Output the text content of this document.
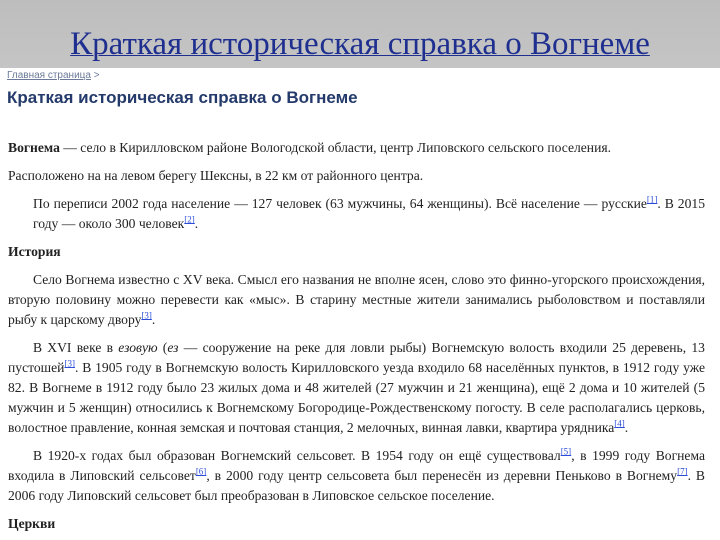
Краткая историческая справка о Вогнеме
Главная страница >
Краткая историческая справка о Вогнеме

Вогнема — село в Кирилловском районе Вологодской области, центр Липовского сельского поселения.

Расположено на на левом берегу Шексны, в 22 км от районного центра.

По переписи 2002 года население — 127 человек (63 мужчины, 64 женщины). Всё население — русские[1]. В 2015 году — около 300 человек[2].

История

Село Вогнема известно с XV века. Смысл его названия не вполне ясен, слово это финно-угорского происхождения, вторую половину можно перевести как «мыс». В старину местные жители занимались рыболовством и поставляли рыбу к царскому двору[3].

В XVI веке в езовую (ез — сооружение на реке для ловли рыбы) Вогнемскую волость входили 25 деревень, 13 пустошей[3]. В 1905 году в Вогнемскую волость Кирилловского уезда входило 68 населённых пунктов, в 1912 году уже 82. В Вогнеме в 1912 году было 23 жилых дома и 48 жителей (27 мужчин и 21 женщина), ещё 2 дома и 10 жителей (5 мужчин и 5 женщин) относились к Вогнемскому Богородице-Рождественскому погосту. В селе располагались церковь, волостное правление, конная земская и почтовая станция, 2 мелочных, винная лавки, квартира урядника[4].

В 1920-х годах был образован Вогнемский сельсовет. В 1954 году он ещё существовал[5], в 1999 году Вогнема входила в Липовский сельсовет[6], в 2000 году центр сельсовета был перенесён из деревни Пеньково в Вогнему[7]. В 2006 году Липовский сельсовет был преобразован в Липовское сельское поселение.

Церкви
